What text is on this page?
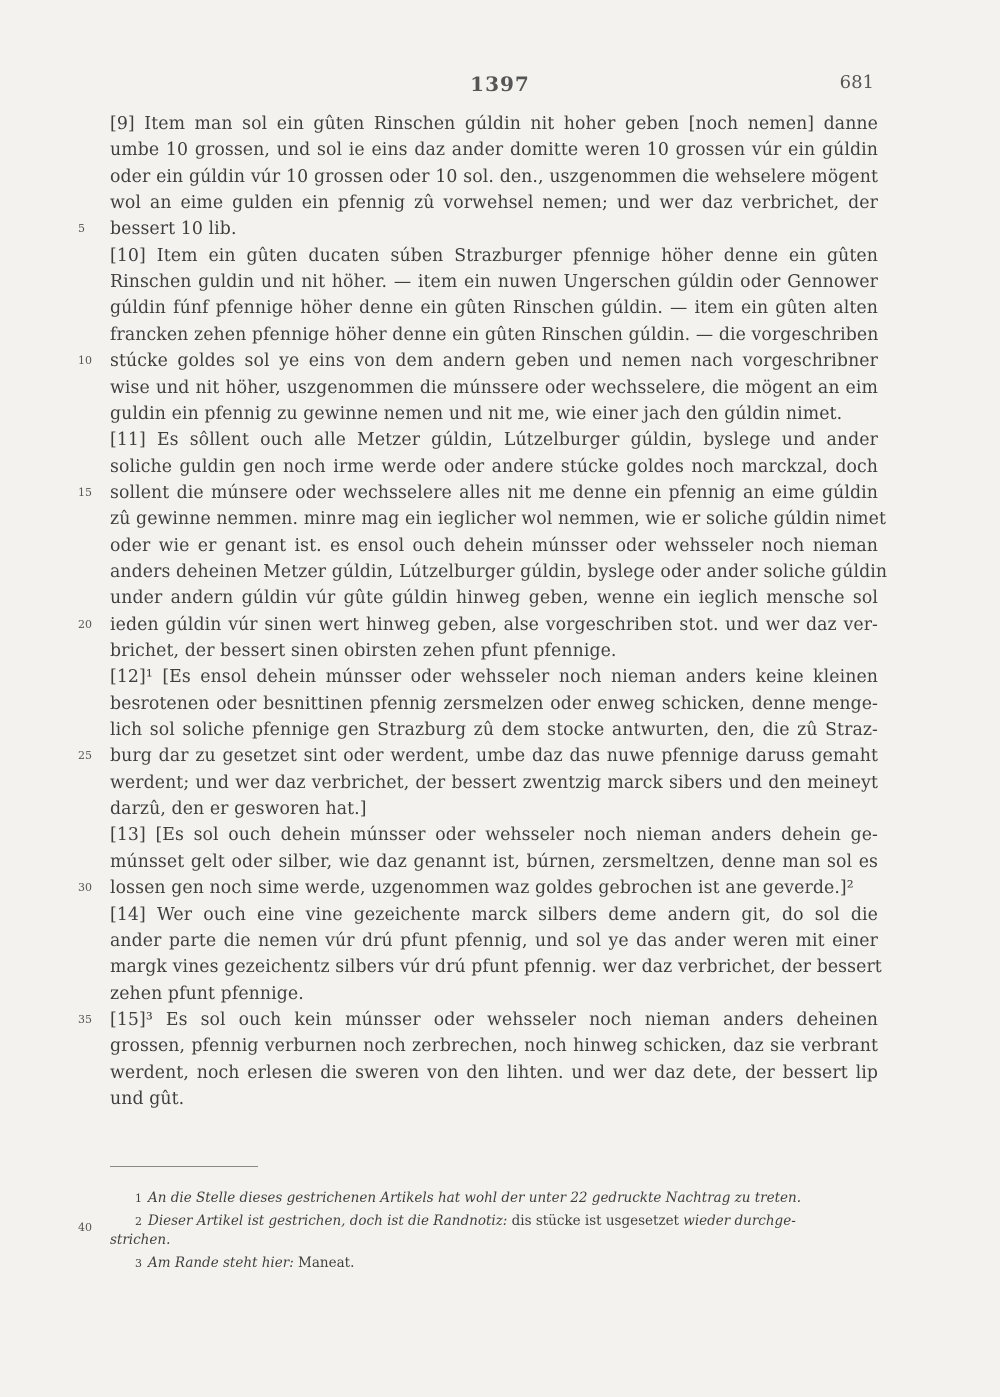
1397	681
[9] Item man sol ein gûten Rinschen gúldin nit hoher geben [noch nemen] danne
umbe 10 grossen, und sol ie eins daz ander domitte weren 10 grossen vúr ein gúldin
oder ein gúldin vúr 10 grossen oder 10 sol. den., uszgenommen die wehselere mögent
wol an eime gulden ein pfennig zû vorwehsel nemen; und wer daz verbrichet, der
bessert 10 lib.
[10] Item ein gûten ducaten súben Strazburger pfennige höher denne ein gûten
Rinschen guldin und nit höher. — item ein nuwen Ungerschen gúldin oder Gennower
gúldin fúnf pfennige höher denne ein gûten Rinschen gúldin. — item ein gûten alten
francken zehen pfennige höher denne ein gûten Rinschen gúldin. — die vorgeschriben
stúcke goldes sol ye eins von dem andern geben und nemen nach vorgeschribner
wise und nit höher, uszgenommen die múnssere oder wechsselere, die mögent an eim
guldin ein pfennig zu gewinne nemen und nit me, wie einer jach den gúldin nimet.
[11] Es sôllent ouch alle Metzer gúldin, Lútzelburger gúldin, byslege und ander
soliche guldin gen noch irme werde oder andere stúcke goldes noch marckzal, doch
sollent die múnsere oder wechsselere alles nit me denne ein pfennig an eime gúldin
zû gewinne nemmen. minre mag ein ieglicher wol nemmen, wie er soliche gúldin nimet
oder wie er genant ist. es ensol ouch dehein múnsser oder wehsseler noch nieman
anders deheinen Metzer gúldin, Lútzelburger gúldin, byslege oder ander soliche gúldin
under andern gúldin vúr gûte gúldin hinweg geben, wenne ein ieglich mensche sol
ieden gúldin vúr sinen wert hinweg geben, alse vorgeschriben stot. und wer daz ver-
brichet, der bessert sinen obirsten zehen pfunt pfennige.
[12]¹ [Es ensol dehein múnsser oder wehsseler noch nieman anders keine kleinen
besrotenen oder besnittinen pfennig zersmelzen oder enweg schicken, denne menge-
lich sol soliche pfennige gen Strazburg zû dem stocke antwurten, den, die zû Straz-
burg dar zu gesetzet sint oder werdent, umbe daz das nuwe pfennige daruss gemaht
werdent; und wer daz verbrichet, der bessert zwentzig marck sibers und den meineyt
darzû, den er gesworen hat.]
[13] [Es sol ouch dehein múnsser oder wehsseler noch nieman anders dehein ge-
múnsset gelt oder silber, wie daz genannt ist, búrnen, zersmeltzen, denne man sol es
lossen gen noch sime werde, uzgenommen waz goldes gebrochen ist ane geverde.]²
[14] Wer ouch eine vine gezeichente marck silbers deme andern git, do sol die
ander parte die nemen vúr drú pfunt pfennig, und sol ye das ander weren mit einer
margk vines gezeichentz silbers vúr drú pfunt pfennig. wer daz verbrichet, der bessert
zehen pfunt pfennige.
[15]³ Es sol ouch kein múnsser oder wehsseler noch nieman anders deheinen
grossen, pfennig verburnen noch zerbrechen, noch hinweg schicken, daz sie verbrant
werdent, noch erlesen die sweren von den lihten. und wer daz dete, der bessert lip
und gût.
5
10
15
20
25
30
35
40
1 An die Stelle dieses gestrichenen Artikels hat wohl der unter 22 gedruckte Nachtrag zu treten.
2 Dieser Artikel ist gestrichen, doch ist die Randnotiz: dis stücke ist usgesetzet wieder durchge-
strichen.
3 Am Rande steht hier: Maneat.
